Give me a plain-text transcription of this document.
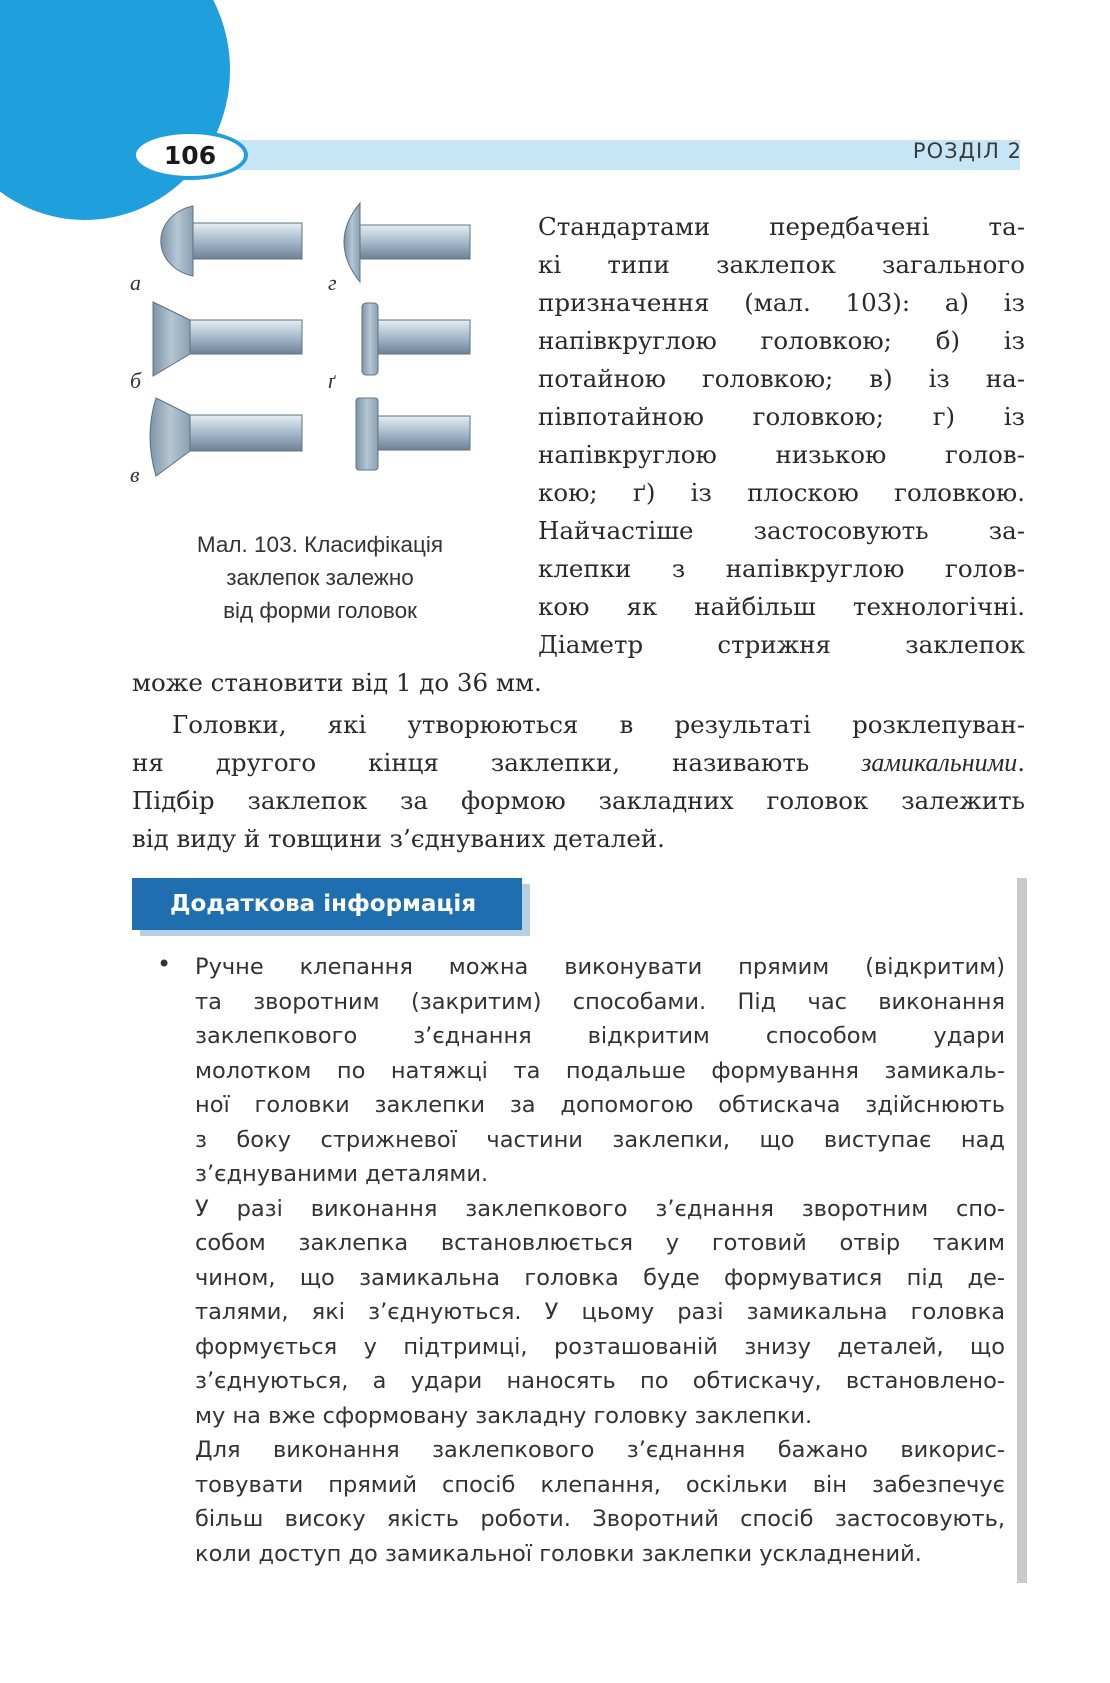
106	РОЗДІЛ 2
а	г
б	ґ
в
Мал. 103. Класифікація
заклепок залежно
від форми головок
Стандартами передбачені та-
кі типи заклепок загального
призначення (мал. 103): а) із
напівкруглою головкою; б) із
потайною головкою; в) із на-
півпотайною головкою; г) із
напівкруглою низькою голов-
кою; ґ) із плоскою головкою.
Найчастіше застосовують за-
клепки з напівкруглою голов-
кою як найбільш технологічні.
Діаметр стрижня заклепок
може становити від 1 до 36 мм.
Головки, які утворюються в результаті розклепуван-
ня другого кінця заклепки, називають замикальними.
Підбір заклепок за формою закладних головок залежить
від виду й товщини з’єднуваних деталей.
Додаткова інформація
• Ручне клепання можна виконувати прямим (відкритим)
та зворотним (закритим) способами. Під час виконання
заклепкового з’єднання відкритим способом удари
молотком по натяжці та подальше формування замикаль-
ної головки заклепки за допомогою обтискача здійснюють
з боку стрижневої частини заклепки, що виступає над
з’єднуваними деталями.
У разі виконання заклепкового з’єднання зворотним спо-
собом заклепка встановлюється у готовий отвір таким
чином, що замикальна головка буде формуватися під де-
талями, які з’єднуються. У цьому разі замикальна головка
формується у підтримці, розташованій знизу деталей, що
з’єднуються, а удари наносять по обтискачу, встановлено-
му на вже сформовану закладну головку заклепки.
Для виконання заклепкового з’єднання бажано викорис-
товувати прямий спосіб клепання, оскільки він забезпечує
більш високу якість роботи. Зворотний спосіб застосовують,
коли доступ до замикальної головки заклепки ускладнений.
